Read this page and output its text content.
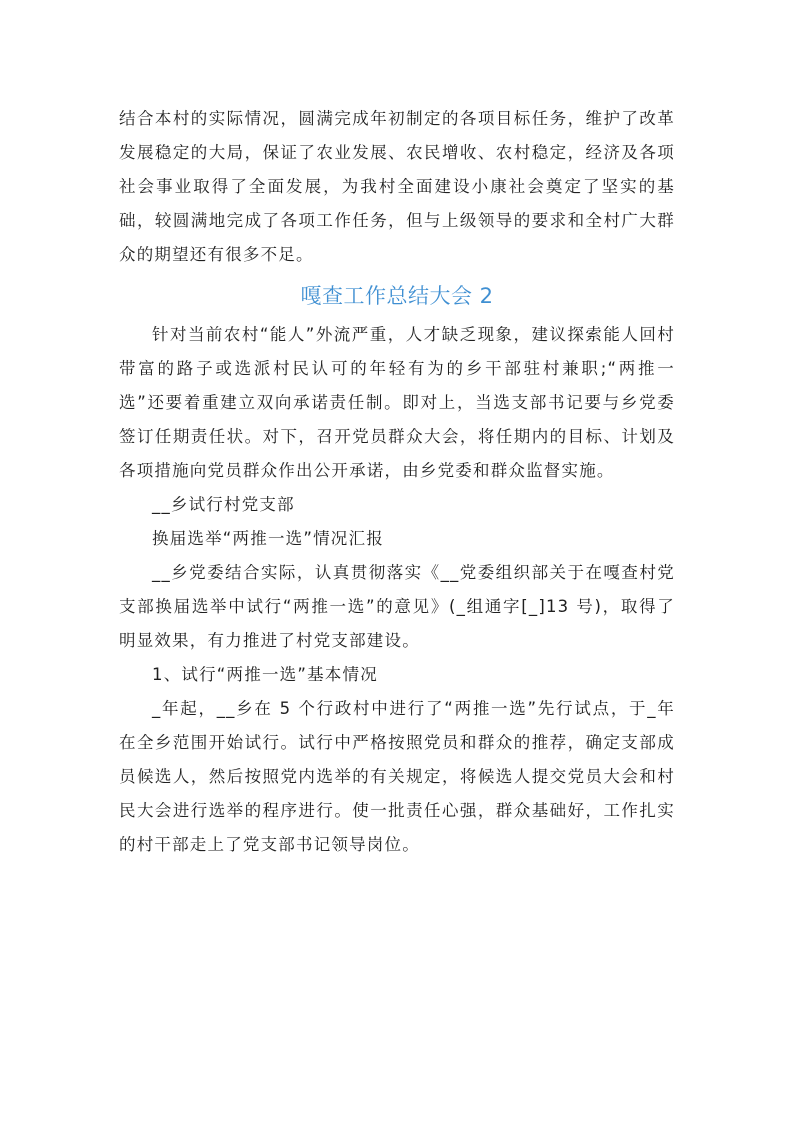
结合本村的实际情况，圆满完成年初制定的各项目标任务，维护了改革发展稳定的大局，保证了农业发展、农民增收、农村稳定，经济及各项社会事业取得了全面发展，为我村全面建设小康社会奠定了坚实的基础，较圆满地完成了各项工作任务，但与上级领导的要求和全村广大群众的期望还有很多不足。

嘎查工作总结大会 2

针对当前农村“能人”外流严重，人才缺乏现象，建议探索能人回村带富的路子或选派村民认可的年轻有为的乡干部驻村兼职;“两推一选”还要着重建立双向承诺责任制。即对上，当选支部书记要与乡党委签订任期责任状。对下，召开党员群众大会，将任期内的目标、计划及各项措施向党员群众作出公开承诺，由乡党委和群众监督实施。

__乡试行村党支部

换届选举“两推一选”情况汇报

__乡党委结合实际，认真贯彻落实《__党委组织部关于在嘎查村党支部换届选举中试行“两推一选”的意见》(_组通字[_]13 号)，取得了明显效果，有力推进了村党支部建设。

1、试行“两推一选”基本情况

_年起，__乡在 5 个行政村中进行了“两推一选”先行试点，于_年在全乡范围开始试行。试行中严格按照党员和群众的推荐，确定支部成员候选人，然后按照党内选举的有关规定，将候选人提交党员大会和村民大会进行选举的程序进行。使一批责任心强，群众基础好，工作扎实的村干部走上了党支部书记领导岗位。
